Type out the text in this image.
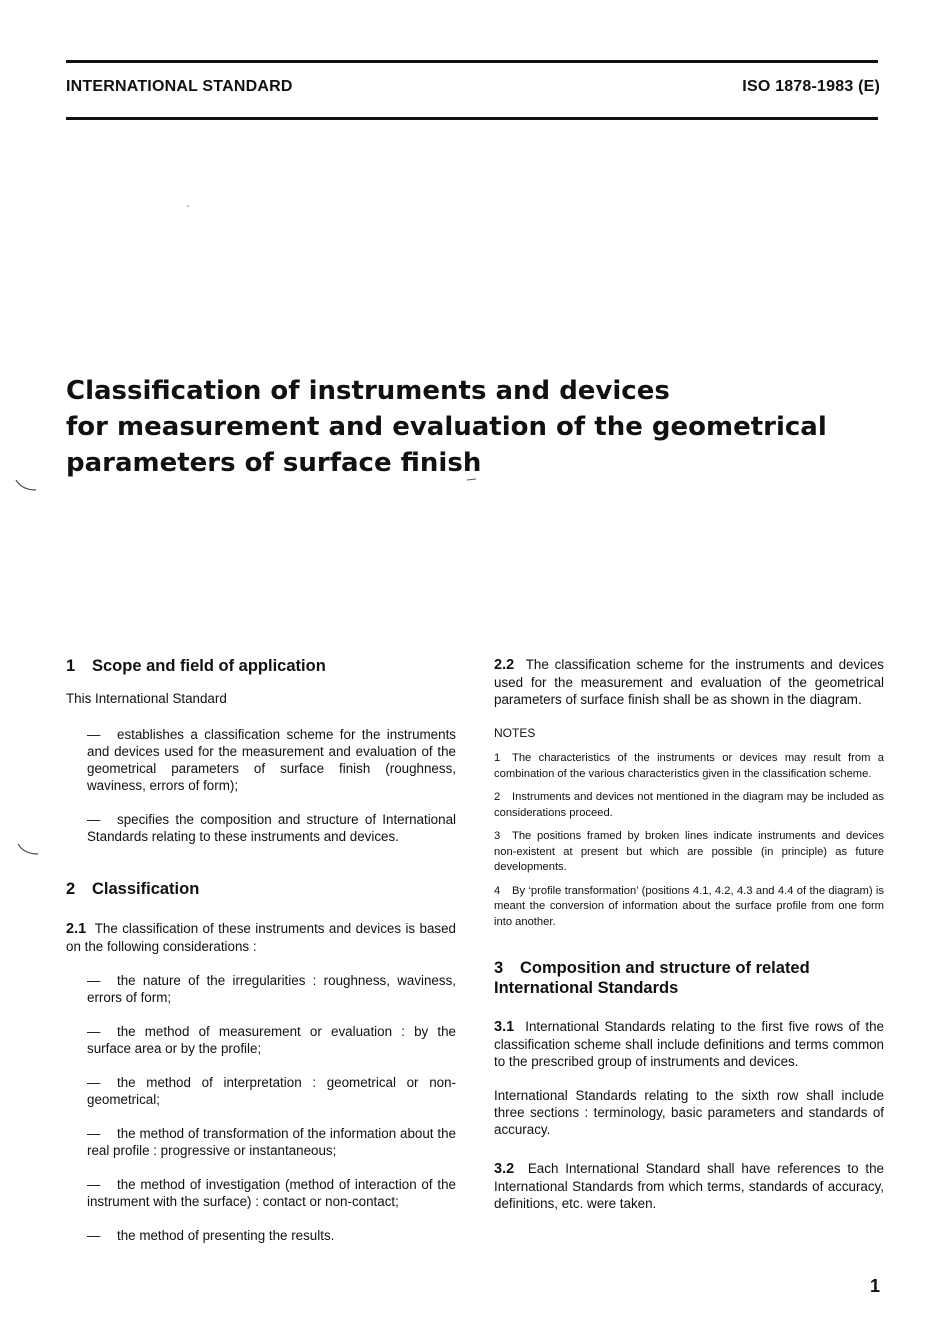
INTERNATIONAL STANDARD	ISO 1878-1983 (E)
Classification of instruments and devices
for measurement and evaluation of the geometrical
parameters of surface finish
1 Scope and field of application

This International Standard

— establishes a classification scheme for the instruments and devices used for the measurement and evaluation of the geometrical parameters of surface finish (roughness, waviness, errors of form);

— specifies the composition and structure of International Standards relating to these instruments and devices.

2 Classification

2.1 The classification of these instruments and devices is based on the following considerations :

— the nature of the irregularities : roughness, waviness, errors of form;

— the method of measurement or evaluation : by the surface area or by the profile;

— the method of interpretation : geometrical or non-geometrical;

— the method of transformation of the information about the real profile : progressive or instantaneous;

— the method of investigation (method of interaction of the instrument with the surface) : contact or non-contact;

— the method of presenting the results.

2.2 The classification scheme for the instruments and devices used for the measurement and evaluation of the geometrical parameters of surface finish shall be as shown in the diagram.

NOTES

1 The characteristics of the instruments or devices may result from a combination of the various characteristics given in the classification scheme.

2 Instruments and devices not mentioned in the diagram may be included as considerations proceed.

3 The positions framed by broken lines indicate instruments and devices non-existent at present but which are possible (in principle) as future developments.

4 By ‘profile transformation’ (positions 4.1, 4.2, 4.3 and 4.4 of the diagram) is meant the conversion of information about the surface profile from one form into another.

3 Composition and structure of related International Standards

3.1 International Standards relating to the first five rows of the classification scheme shall include definitions and terms common to the prescribed group of instruments and devices.

International Standards relating to the sixth row shall include three sections : terminology, basic parameters and standards of accuracy.

3.2 Each International Standard shall have references to the International Standards from which terms, standards of accuracy, definitions, etc. were taken.

1
